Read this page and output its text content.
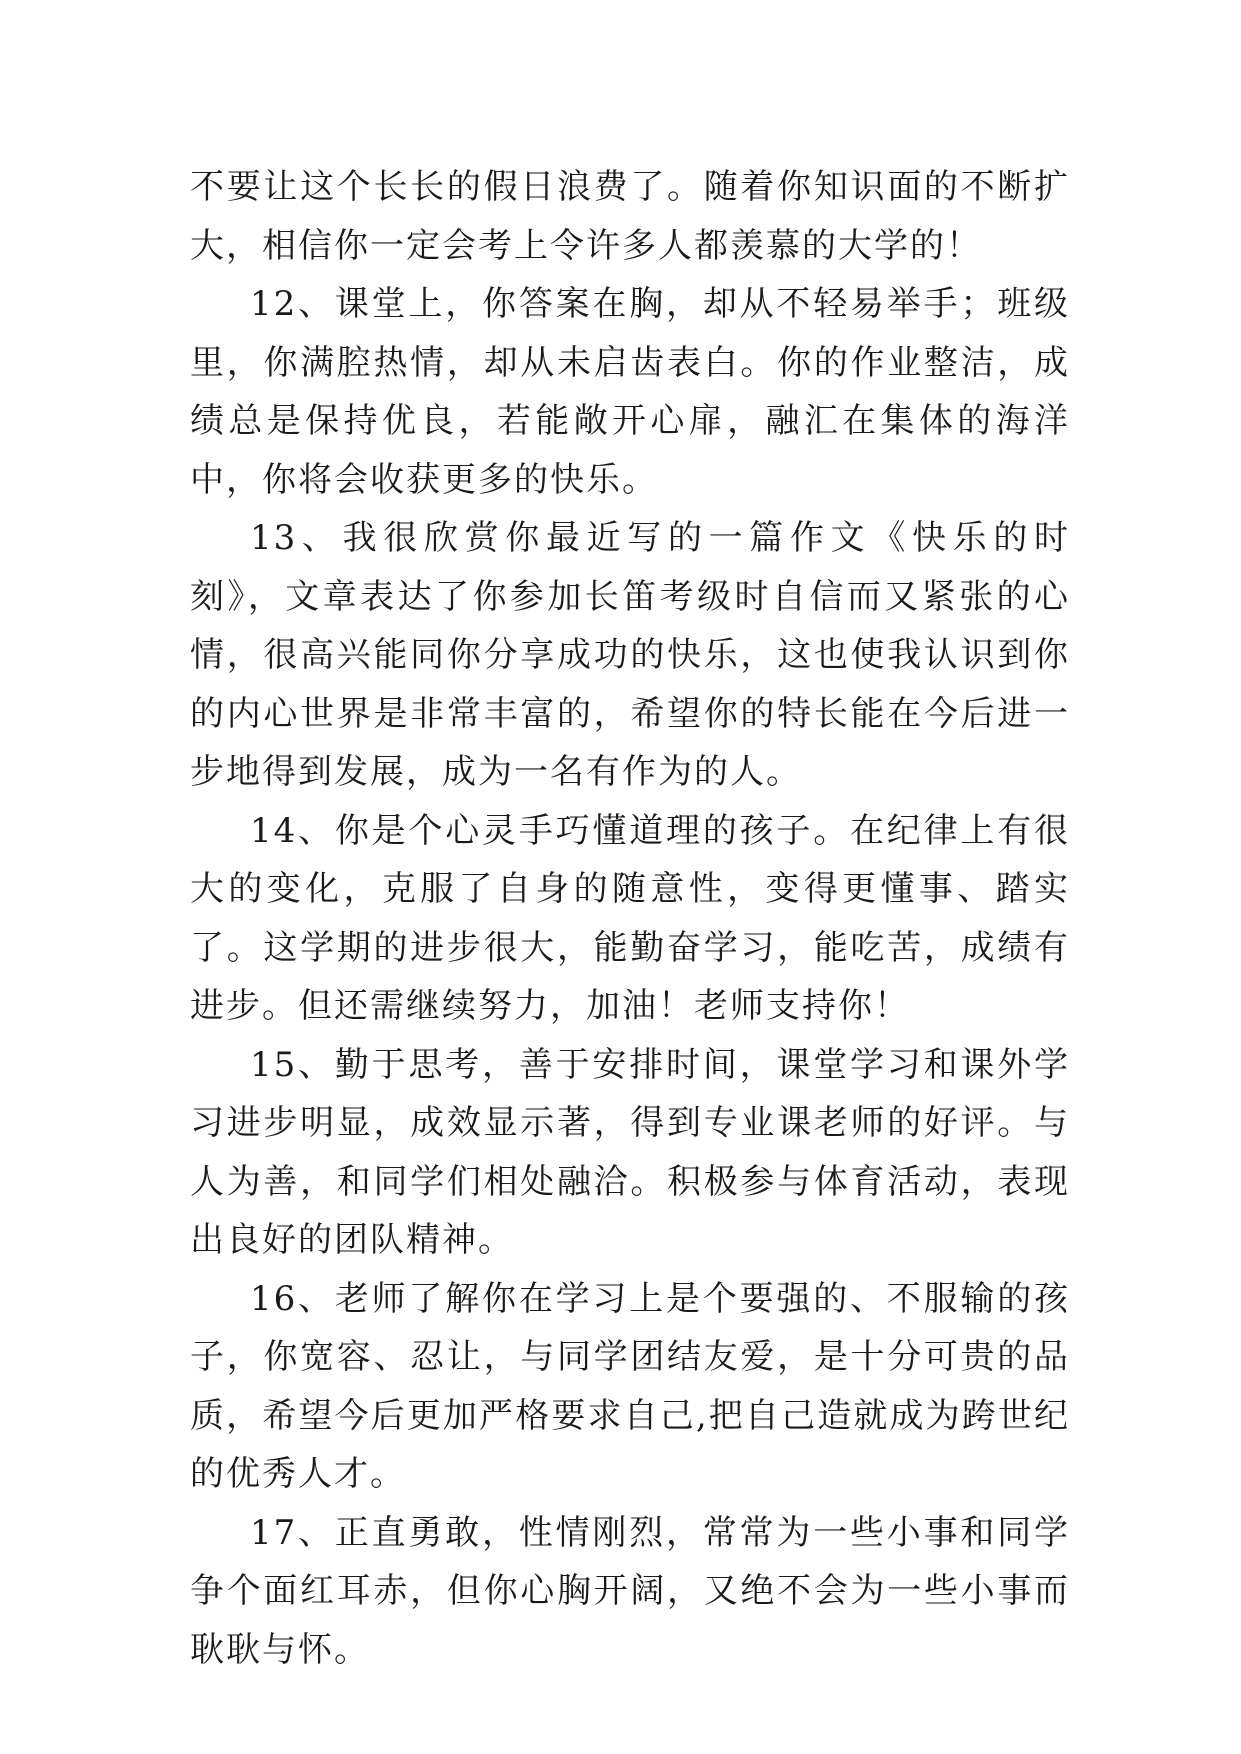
不要让这个长长的假日浪费了。随着你知识面的不断扩大，相信你一定会考上令许多人都羡慕的大学的！

12、课堂上，你答案在胸，却从不轻易举手；班级里，你满腔热情，却从未启齿表白。你的作业整洁，成绩总是保持优良，若能敞开心扉，融汇在集体的海洋中，你将会收获更多的快乐。

13、我很欣赏你最近写的一篇作文《快乐的时刻》，文章表达了你参加长笛考级时自信而又紧张的心情，很高兴能同你分享成功的快乐，这也使我认识到你的内心世界是非常丰富的，希望你的特长能在今后进一步地得到发展，成为一名有作为的人。

14、你是个心灵手巧懂道理的孩子。在纪律上有很大的变化，克服了自身的随意性，变得更懂事、踏实了。这学期的进步很大，能勤奋学习，能吃苦，成绩有进步。但还需继续努力，加油！老师支持你！

15、勤于思考，善于安排时间，课堂学习和课外学习进步明显，成效显示著，得到专业课老师的好评。与人为善，和同学们相处融洽。积极参与体育活动，表现出良好的团队精神。

16、老师了解你在学习上是个要强的、不服输的孩子，你宽容、忍让，与同学团结友爱，是十分可贵的品质，希望今后更加严格要求自己,把自己造就成为跨世纪的优秀人才。

17、正直勇敢，性情刚烈，常常为一些小事和同学争个面红耳赤，但你心胸开阔，又绝不会为一些小事而耿耿与怀。
